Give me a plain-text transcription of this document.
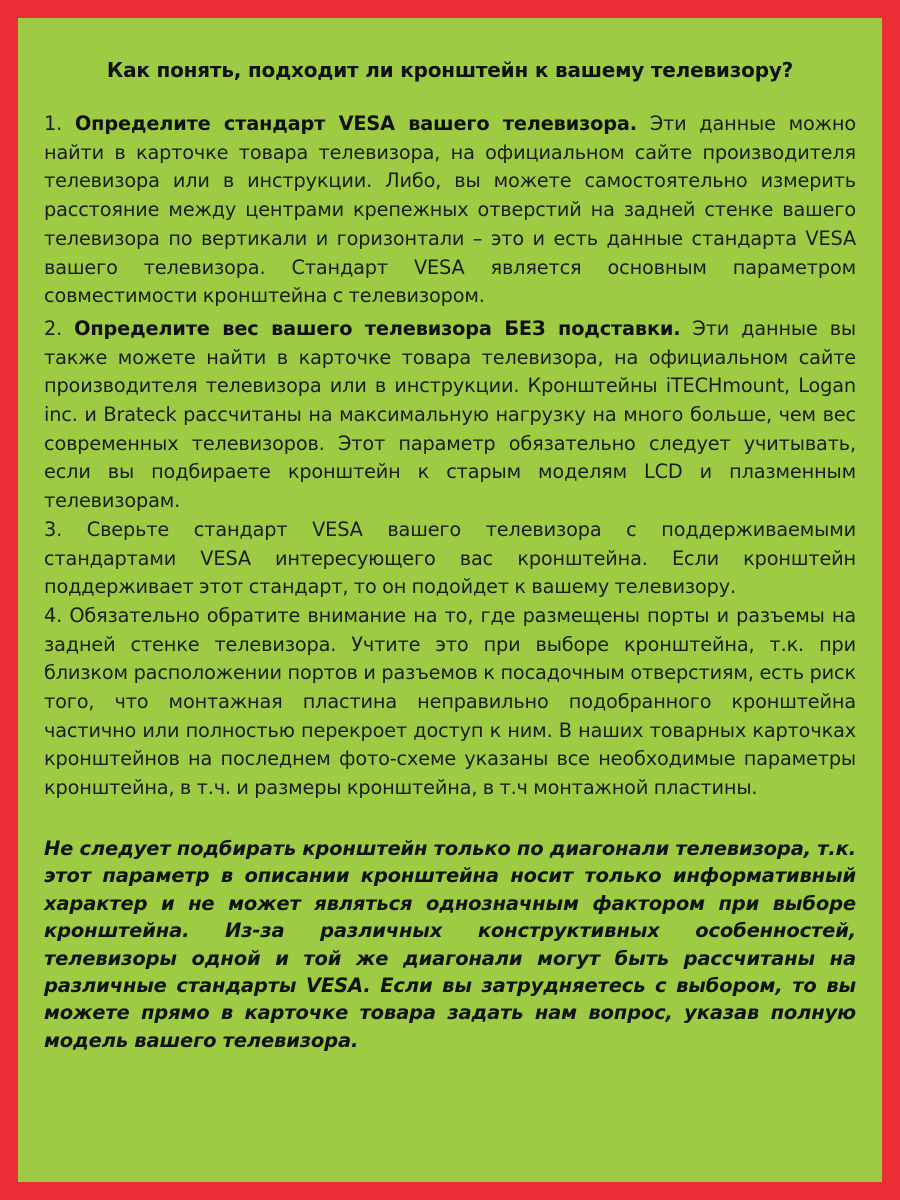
Как понять, подходит ли кронштейн к вашему телевизору?

1. Определите стандарт VESA вашего телевизора. Эти данные можно найти в карточке товара телевизора, на официальном сайте производителя телевизора или в инструкции. Либо, вы можете самостоятельно измерить расстояние между центрами крепежных отверстий на задней стенке вашего телевизора по вертикали и горизонтали – это и есть данные стандарта VESA вашего телевизора. Стандарт VESA является основным параметром совместимости кронштейна с телевизором.

2. Определите вес вашего телевизора БЕЗ подставки. Эти данные вы также можете найти в карточке товара телевизора, на официальном сайте производителя телевизора или в инструкции. Кронштейны iTECHmount, Logan inc. и Brateck рассчитаны на максимальную нагрузку на много больше, чем вес современных телевизоров. Этот параметр обязательно следует учитывать, если вы подбираете кронштейн к старым моделям LCD и плазменным телевизорам.

3. Сверьте стандарт VESA вашего телевизора с поддерживаемыми стандартами VESA интересующего вас кронштейна. Если кронштейн поддерживает этот стандарт, то он подойдет к вашему телевизору.

4. Обязательно обратите внимание на то, где размещены порты и разъемы на задней стенке телевизора. Учтите это при выборе кронштейна, т.к. при близком расположении портов и разъемов к посадочным отверстиям, есть риск того, что монтажная пластина неправильно подобранного кронштейна частично или полностью перекроет доступ к ним. В наших товарных карточках кронштейнов на последнем фото-схеме указаны все необходимые параметры кронштейна, в т.ч. и размеры кронштейна, в т.ч монтажной пластины.

Не следует подбирать кронштейн только по диагонали телевизора, т.к. этот параметр в описании кронштейна носит только информативный характер и не может являться однозначным фактором при выборе кронштейна. Из-за различных конструктивных особенностей, телевизоры одной и той же диагонали могут быть рассчитаны на различные стандарты VESA. Если вы затрудняетесь с выбором, то вы можете прямо в карточке товара задать нам вопрос, указав полную модель вашего телевизора.
